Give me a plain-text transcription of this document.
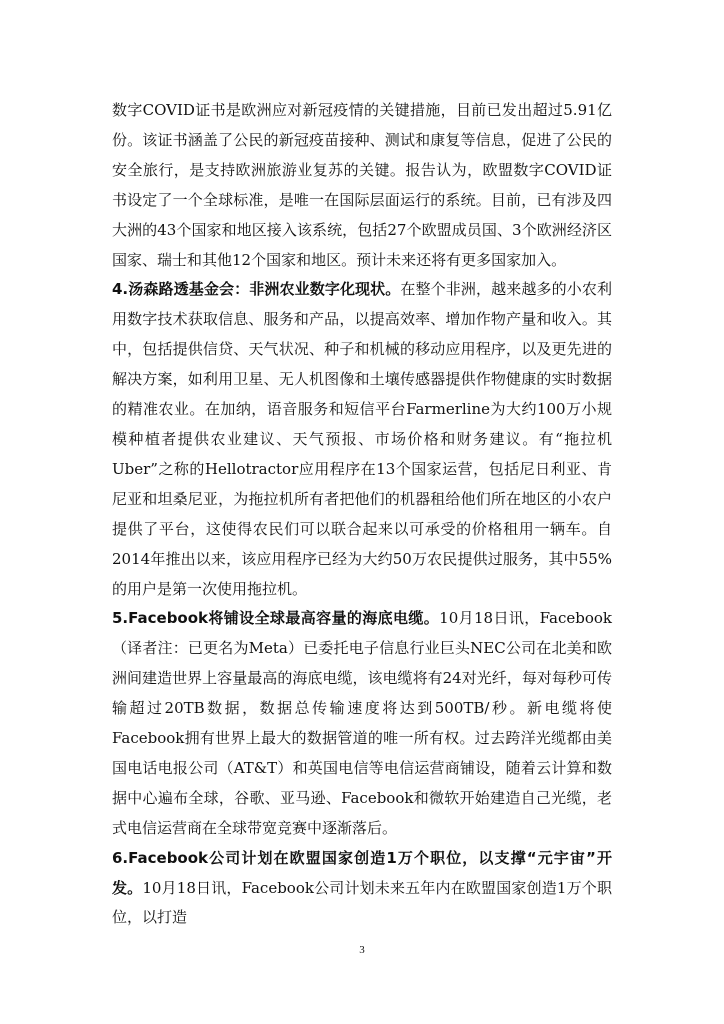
数字COVID证书是欧洲应对新冠疫情的关键措施，目前已发出超过5.91亿份。该证书涵盖了公民的新冠疫苗接种、测试和康复等信息，促进了公民的安全旅行，是支持欧洲旅游业复苏的关键。报告认为，欧盟数字COVID证书设定了一个全球标准，是唯一在国际层面运行的系统。目前，已有涉及四大洲的43个国家和地区接入该系统，包括27个欧盟成员国、3个欧洲经济区国家、瑞士和其他12个国家和地区。预计未来还将有更多国家加入。

4.汤森路透基金会：非洲农业数字化现状。在整个非洲，越来越多的小农利用数字技术获取信息、服务和产品，以提高效率、增加作物产量和收入。其中，包括提供信贷、天气状况、种子和机械的移动应用程序，以及更先进的解决方案，如利用卫星、无人机图像和土壤传感器提供作物健康的实时数据的精准农业。在加纳，语音服务和短信平台Farmerline为大约100万小规模种植者提供农业建议、天气预报、市场价格和财务建议。有“拖拉机Uber”之称的Hellotractor应用程序在13个国家运营，包括尼日利亚、肯尼亚和坦桑尼亚，为拖拉机所有者把他们的机器租给他们所在地区的小农户提供了平台，这使得农民们可以联合起来以可承受的价格租用一辆车。自2014年推出以来，该应用程序已经为大约50万农民提供过服务，其中55%的用户是第一次使用拖拉机。

5.Facebook将铺设全球最高容量的海底电缆。10月18日讯，Facebook（译者注：已更名为Meta）已委托电子信息行业巨头NEC公司在北美和欧洲间建造世界上容量最高的海底电缆，该电缆将有24对光纤，每对每秒可传输超过20TB数据，数据总传输速度将达到500TB/秒。新电缆将使Facebook拥有世界上最大的数据管道的唯一所有权。过去跨洋光缆都由美国电话电报公司（AT&T）和英国电信等电信运营商铺设，随着云计算和数据中心遍布全球，谷歌、亚马逊、Facebook和微软开始建造自己光缆，老式电信运营商在全球带宽竞赛中逐渐落后。

6.Facebook公司计划在欧盟国家创造1万个职位，以支撑“元宇宙”开发。10月18日讯，Facebook公司计划未来五年内在欧盟国家创造1万个职位，以打造

3
